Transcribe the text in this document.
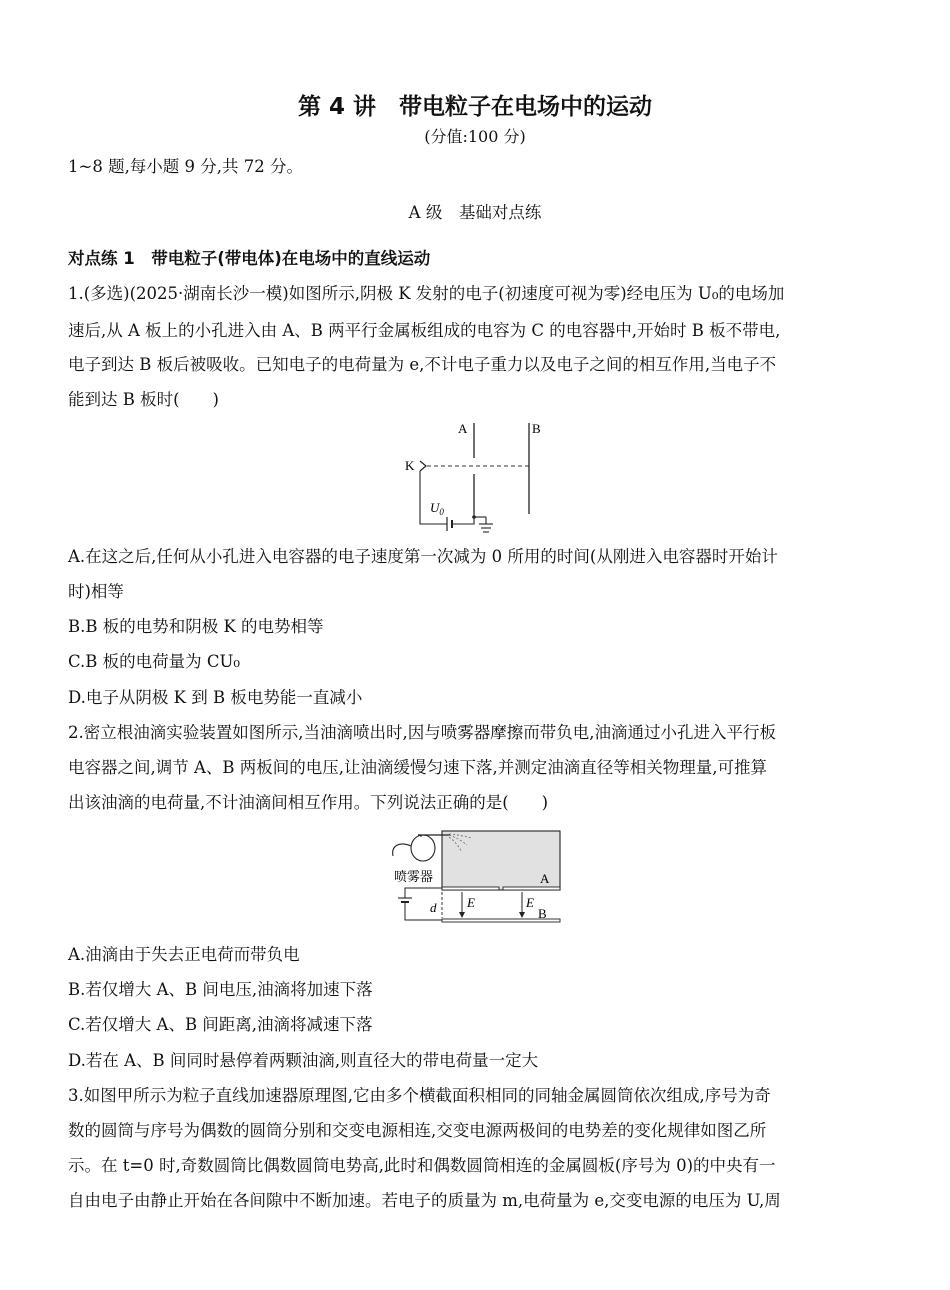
第 4 讲　带电粒子在电场中的运动
(分值:100 分)
1~8 题,每小题 9 分,共 72 分。
A 级　基础对点练
对点练 1　带电粒子(带电体)在电场中的直线运动
1.(多选)(2025·湖南长沙一模)如图所示,阴极 K 发射的电子(初速度可视为零)经电压为 U₀的电场加
速后,从 A 板上的小孔进入由 A、B 两平行金属板组成的电容为 C 的电容器中,开始时 B 板不带电,
电子到达 B 板后被吸收。已知电子的电荷量为 e,不计电子重力以及电子之间的相互作用,当电子不
能到达 B 板时(　　)
A	B
K
$U_0$
A.在这之后,任何从小孔进入电容器的电子速度第一次减为 0 所用的时间(从刚进入电容器时开始计
时)相等
B.B 板的电势和阴极 K 的电势相等
C.B 板的电荷量为 CU₀
D.电子从阴极 K 到 B 板电势能一直减小
2.密立根油滴实验装置如图所示,当油滴喷出时,因与喷雾器摩擦而带负电,油滴通过小孔进入平行板
电容器之间,调节 A、B 两板间的电压,让油滴缓慢匀速下落,并测定油滴直径等相关物理量,可推算
出该油滴的电荷量,不计油滴间相互作用。下列说法正确的是(　　)
喷雾器	A
B
d E	E
A.油滴由于失去正电荷而带负电
B.若仅增大 A、B 间电压,油滴将加速下落
C.若仅增大 A、B 间距离,油滴将减速下落
D.若在 A、B 间同时悬停着两颗油滴,则直径大的带电荷量一定大
3.如图甲所示为粒子直线加速器原理图,它由多个横截面积相同的同轴金属圆筒依次组成,序号为奇
数的圆筒与序号为偶数的圆筒分别和交变电源相连,交变电源两极间的电势差的变化规律如图乙所
示。在 t=0 时,奇数圆筒比偶数圆筒电势高,此时和偶数圆筒相连的金属圆板(序号为 0)的中央有一
自由电子由静止开始在各间隙中不断加速。若电子的质量为 m,电荷量为 e,交变电源的电压为 U,周
